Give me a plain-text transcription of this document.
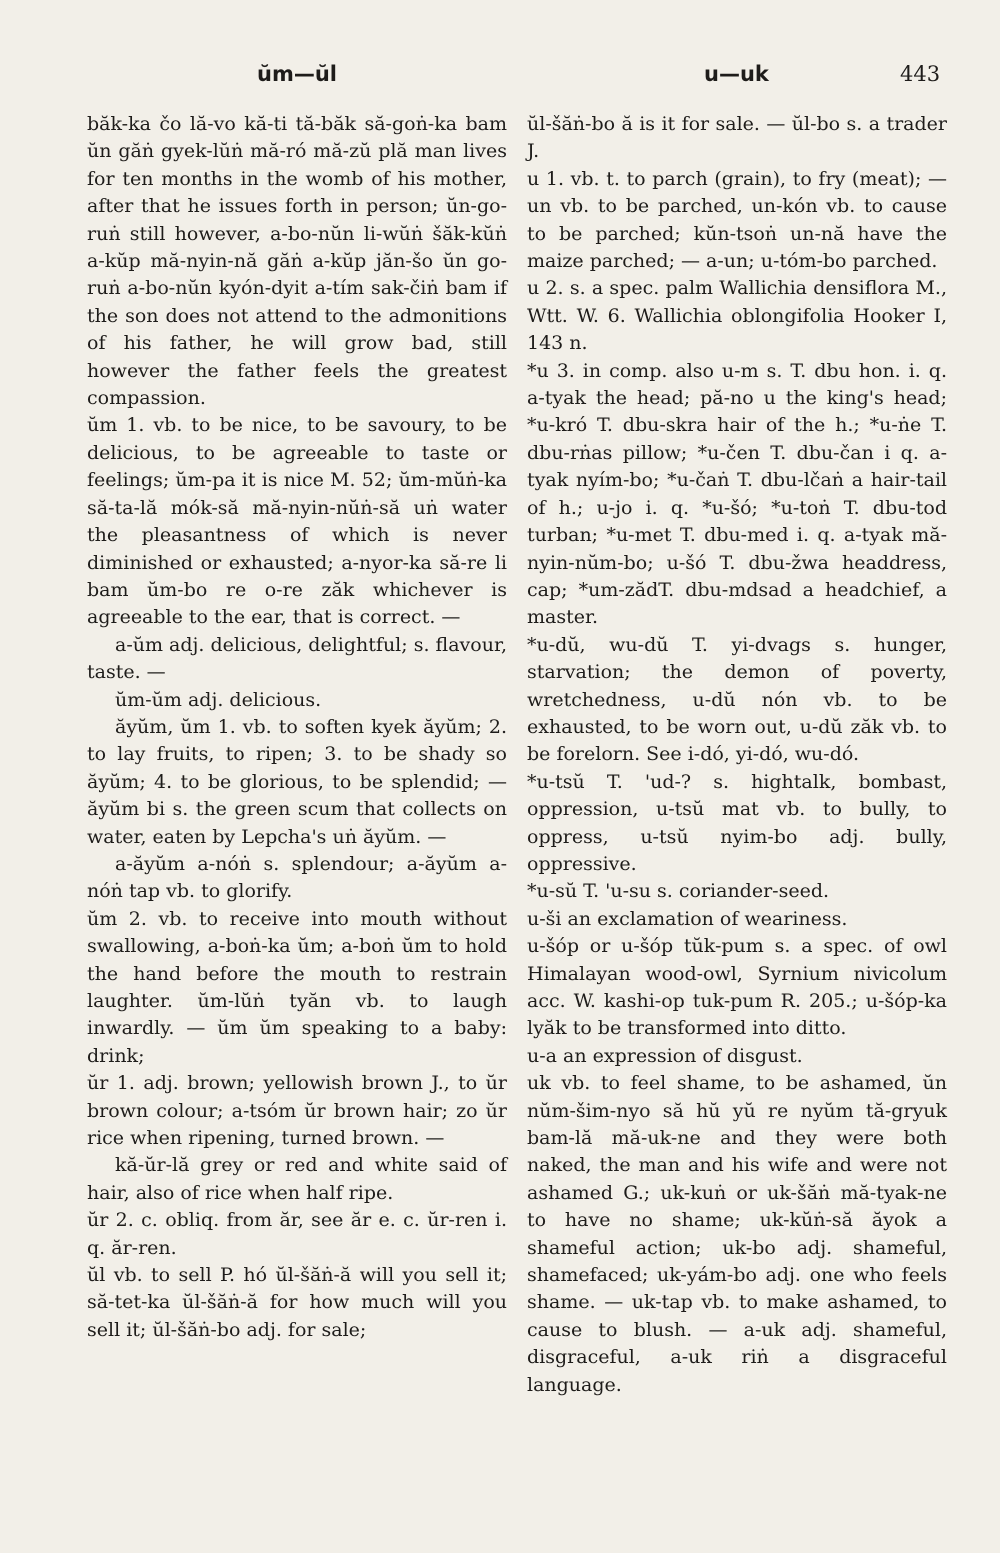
ŭm—ŭl	u—uk	443

băk-ka čo lă-vo kă-ti tă-băk să-goṅ-ka bam ŭn găṅ gyek-lŭṅ mă-ró mă-zŭ plă man lives for ten months in the womb of his mother, after that he issues forth in person; ŭn-go-ruṅ still however, a-bo-nŭn li-wŭṅ šăk-kŭṅ a-kŭp mă-nyin-nă găṅ a-kŭp jăn-šo ŭn go-ruṅ a-bo-nŭn kyón-dyit a-tím sak-čiṅ bam if the son does not attend to the admonitions of his father, he will grow bad, still however the father feels the greatest compassion.

ŭm 1. vb. to be nice, to be savoury, to be delicious, to be agreeable to taste or feelings; ŭm-pa it is nice M. 52; ŭm-mŭṅ-ka să-ta-lă mók-să mă-nyin-nŭṅ-să uṅ water the pleasantness of which is never diminished or exhausted; a-nyor-ka să-re li bam ŭm-bo re o-re zăk whichever is agreeable to the ear, that is correct. —

a-ŭm adj. delicious, delightful; s. flavour, taste. —

ŭm-ŭm adj. delicious.

ăyŭm, ŭm 1. vb. to soften kyek ăyŭm; 2. to lay fruits, to ripen; 3. to be shady so ăyŭm; 4. to be glorious, to be splendid; — ăyŭm bi s. the green scum that collects on water, eaten by Lepcha's uṅ ăyŭm. —

a-ăyŭm a-nóṅ s. splendour; a-ăyŭm a-nóṅ tap vb. to glorify.

ŭm 2. vb. to receive into mouth without swallowing, a-boṅ-ka ŭm; a-boṅ ŭm to hold the hand before the mouth to restrain laughter. ŭm-lŭṅ tyăn vb. to laugh inwardly. — ŭm ŭm speaking to a baby: drink;

ŭr 1. adj. brown; yellowish brown J., to ŭr brown colour; a-tsóm ŭr brown hair; zo ŭr rice when ripening, turned brown. —

kă-ŭr-lă grey or red and white said of hair, also of rice when half ripe.

ŭr 2. c. obliq. from ăr, see ăr e. c. ŭr-ren i. q. ăr-ren.

ŭl vb. to sell P. hó ŭl-šăṅ-ă will you sell it; să-tet-ka ŭl-šăṅ-ă for how much will you sell it; ŭl-šăṅ-bo adj. for sale;

ŭl-šăṅ-bo ă is it for sale. — ŭl-bo s. a trader J.

u 1. vb. t. to parch (grain), to fry (meat); — un vb. to be parched, un-kón vb. to cause to be parched; kŭn-tsoṅ un-nă have the maize parched; — a-un; u-tóm-bo parched.

u 2. s. a spec. palm Wallichia densiflora M., Wtt. W. 6. Wallichia oblongifolia Hooker I, 143 n.

*u 3. in comp. also u-m s. T. dbu hon. i. q. a-tyak the head; pă-no u the king's head; *u-kró T. dbu-skra hair of the h.; *u-ṅe T. dbu-rṅas pillow; *u-čen T. dbu-čan i q. a-tyak nyím-bo; *u-čaṅ T. dbu-lčaṅ a hair-tail of h.; u-jo i. q. *u-šó; *u-toṅ T. dbu-tod turban; *u-met T. dbu-med i. q. a-tyak mă-nyin-nŭm-bo; u-šó T. dbu-žwa headdress, cap; *um-zădT. dbu-mdsad a headchief, a master.

*u-dŭ, wu-dŭ T. yi-dvags s. hunger, starvation; the demon of poverty, wretchedness, u-dŭ nón vb. to be exhausted, to be worn out, u-dŭ zăk vb. to be forelorn. See i-dó, yi-dó, wu-dó.

*u-tsŭ T. 'ud-? s. hightalk, bombast, oppression, u-tsŭ mat vb. to bully, to oppress, u-tsŭ nyim-bo adj. bully, oppressive.

*u-sŭ T. 'u-su s. coriander-seed.

u-ši an exclamation of weariness.

u-šóp or u-šóp tŭk-pum s. a spec. of owl Himalayan wood-owl, Syrnium nivicolum acc. W. kashi-op tuk-pum R. 205.; u-šóp-ka lyăk to be transformed into ditto.

u-a an expression of disgust.

uk vb. to feel shame, to be ashamed, ŭn nŭm-šim-nyo să hŭ yŭ re nyŭm tă-gryuk bam-lă mă-uk-ne and they were both naked, the man and his wife and were not ashamed G.; uk-kuṅ or uk-šăṅ mă-tyak-ne to have no shame; uk-kŭṅ-să ăyok a shameful action; uk-bo adj. shameful, shamefaced; uk-yám-bo adj. one who feels shame. — uk-tap vb. to make ashamed, to cause to blush. — a-uk adj. shameful, disgraceful, a-uk riṅ a disgraceful language.
